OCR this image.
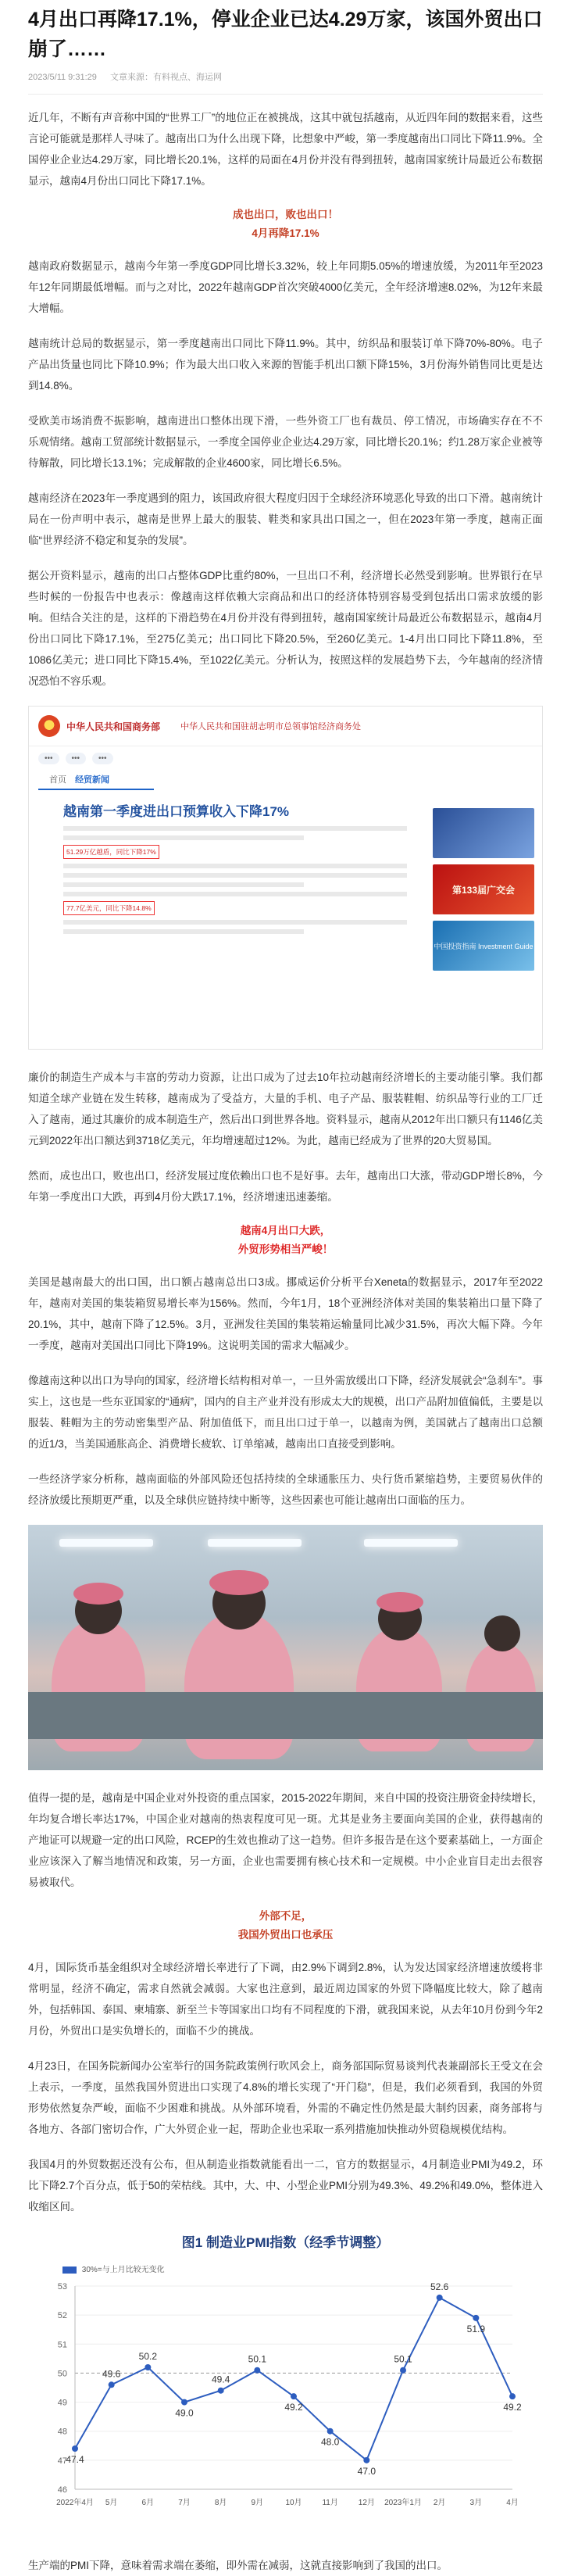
4月出口再降17.1%，停业企业已达4.29万家，该国外贸出口崩了……
2023/5/11 9:31:29 文章来源：有料视点、海运网

近几年，不断有声音称中国的“世界工厂”的地位正在被挑战，这其中就包括越南，从近四年间的数据来看，这些言论可能就是那样人寻味了。越南出口为什么出现下降，比想象中严峻，第一季度越南出口同比下降11.9%。全国停业企业达4.29万家，同比增长20.1%，这样的局面在4月份并没有得到扭转，越南国家统计局最近公布数据显示，越南4月份出口同比下降17.1%。

成也出口，败也出口！
4月再降17.1%

越南政府数据显示，越南今年第一季度GDP同比增长3.32%，较上年同期5.05%的增速放缓，为2011年至2023年12年同期最低增幅。而与之对比，2022年越南GDP首次突破4000亿美元，全年经济增速8.02%，为12年来最大增幅。

越南统计总局的数据显示，第一季度越南出口同比下降11.9%。其中，纺织品和服装订单下降70%-80%。电子产品出货量也同比下降10.9%；作为最大出口收入来源的智能手机出口额下降15%，3月份海外销售同比更是达到14.8%。

受欧美市场消费不振影响，越南进出口整体出现下滑，一些外资工厂也有裁员、停工情况，市场确实存在不不乐观情绪。越南工贸部统计数据显示，一季度全国停业企业达4.29万家，同比增长20.1%；约1.28万家企业被等待解散，同比增长13.1%；完成解散的企业4600家，同比增长6.5%。

越南经济在2023年一季度遇到的阻力，该国政府很大程度归因于全球经济环境恶化导致的出口下滑。越南统计局在一份声明中表示，越南是世界上最大的服装、鞋类和家具出口国之一，但在2023年第一季度，越南正面临“世界经济不稳定和复杂的发展”。

据公开资料显示，越南的出口占整体GDP比重约80%，一旦出口不利，经济增长必然受到影响。世界银行在早些时候的一份报告中也表示：像越南这样依赖大宗商品和出口的经济体特别容易受到包括出口需求放缓的影响。但结合关注的是，这样的下滑趋势在4月份并没有得到扭转，越南国家统计局最近公布数据显示，越南4月份出口同比下降17.1%，至275亿美元；出口同比下降20.5%，至260亿美元。1-4月出口同比下降11.8%，至1086亿美元；进口同比下降15.4%，至1022亿美元。分析认为，按照这样的发展趋势下去，今年越南的经济情况恐怕不容乐观。

中华人民共和国商务部 中华人民共和国驻胡志明市总领事馆经济商务处
•••	•••	•••
首页 经贸新闻
越南第一季度进出口预算收入下降17%
51.29万亿越盾，同比下降17%
77.7亿美元，同比下降14.8%
第133届广交会
中国投资指南 Investment Guide

廉价的制造生产成本与丰富的劳动力资源，让出口成为了过去10年拉动越南经济增长的主要动能引擎。我们都知道全球产业链在发生转移，越南成为了受益方，大量的手机、电子产品、服装鞋帽、纺织品等行业的工厂迁入了越南，通过其廉价的成本制造生产，然后出口到世界各地。资料显示，越南从2012年出口额只有1146亿美元到2022年出口额达到3718亿美元，年均增速超过12%。为此，越南已经成为了世界的20大贸易国。

然而，成也出口，败也出口，经济发展过度依赖出口也不是好事。去年，越南出口大涨，带动GDP增长8%，今年第一季度出口大跌，再到4月份大跌17.1%，经济增速迅速萎缩。

越南4月出口大跌，
外贸形势相当严峻！

美国是越南最大的出口国，出口额占越南总出口3成。挪威运价分析平台Xeneta的数据显示，2017年至2022年，越南对美国的集装箱贸易增长率为156%。然而，今年1月，18个亚洲经济体对美国的集装箱出口量下降了20.1%，其中，越南下降了12.5%。3月，亚洲发往美国的集装箱运输量同比减少31.5%，再次大幅下降。今年一季度，越南对美国出口同比下降19%。这说明美国的需求大幅减少。

像越南这种以出口为导向的国家，经济增长结构相对单一，一旦外需放缓出口下降，经济发展就会“急刹车”。事实上，这也是一些东亚国家的“通病”，国内的自主产业并没有形成太大的规模，出口产品附加值偏低，主要是以服装、鞋帽为主的劳动密集型产品、附加值低下，而且出口过于单一，以越南为例，美国就占了越南出口总额的近1/3，当美国通胀高企、消费增长疲软、订单缩减，越南出口直接受到影响。

一些经济学家分析称，越南面临的外部风险还包括持续的全球通胀压力、央行货币紧缩趋势，主要贸易伙伴的经济放缓比预期更严重，以及全球供应链持续中断等，这些因素也可能让越南出口面临的压力。

值得一提的是，越南是中国企业对外投资的重点国家，2015-2022年期间，来自中国的投资注册资金持续增长，年均复合增长率达17%，中国企业对越南的热衷程度可见一斑。尤其是业务主要面向美国的企业，获得越南的产地证可以规避一定的出口风险，RCEP的生效也推动了这一趋势。但许多报告是在这个要素基础上，一方面企业应该深入了解当地情况和政策，另一方面，企业也需要拥有核心技术和一定规模。中小企业盲目走出去很容易被取代。

外部不足，
我国外贸出口也承压

4月，国际货币基金组织对全球经济增长率进行了下调，由2.9%下调到2.8%，认为发达国家经济增速放缓将非常明显，经济不确定，需求自然就会减弱。大家也注意到，最近周边国家的外贸下降幅度比较大，除了越南外，包括韩国、泰国、柬埔寨、新至兰卡等国家出口均有不同程度的下滑，就我国来说，从去年10月份到今年2月份，外贸出口是实负增长的，面临不少的挑战。

4月23日，在国务院新闻办公室举行的国务院政策例行吹风会上，商务部国际贸易谈判代表兼副部长王受文在会上表示，一季度，虽然我国外贸进出口实现了4.8%的增长实现了“开门稳”，但是，我们必须看到，我国的外贸形势依然复杂严峻，面临不少困难和挑战。从外部环境看，外需的不确定性仍然是最大制约因素，商务部将与各地方、各部门密切合作，广大外贸企业一起，帮助企业也采取一系列措施加快推动外贸稳规模优结构。

我国4月的外贸数据还没有公布，但从制造业指数就能看出一二，官方的数据显示，4月制造业PMI为49.2，环比下降2.7个百分点，低于50的荣枯线。其中，大、中、小型企业PMI分别为49.3%、49.2%和49.0%，整体进入收缩区间。

图1 制造业PMI指数（经季节调整）
30%=与上月比较无变化
46
47
48
49
50
51
52
53
47.4
49.6
50.2
49.0
49.4
50.1
49.2
48.0
47.0
50.1
52.6
51.9
49.2
2022年4月 5月	6月	7月	8月	9月	10月	11月	12月 2023年1月 2月	3月	4月

生产端的PMI下降，意味着需求端在萎缩，即外需在减弱，这就直接影响到了我国的出口。
